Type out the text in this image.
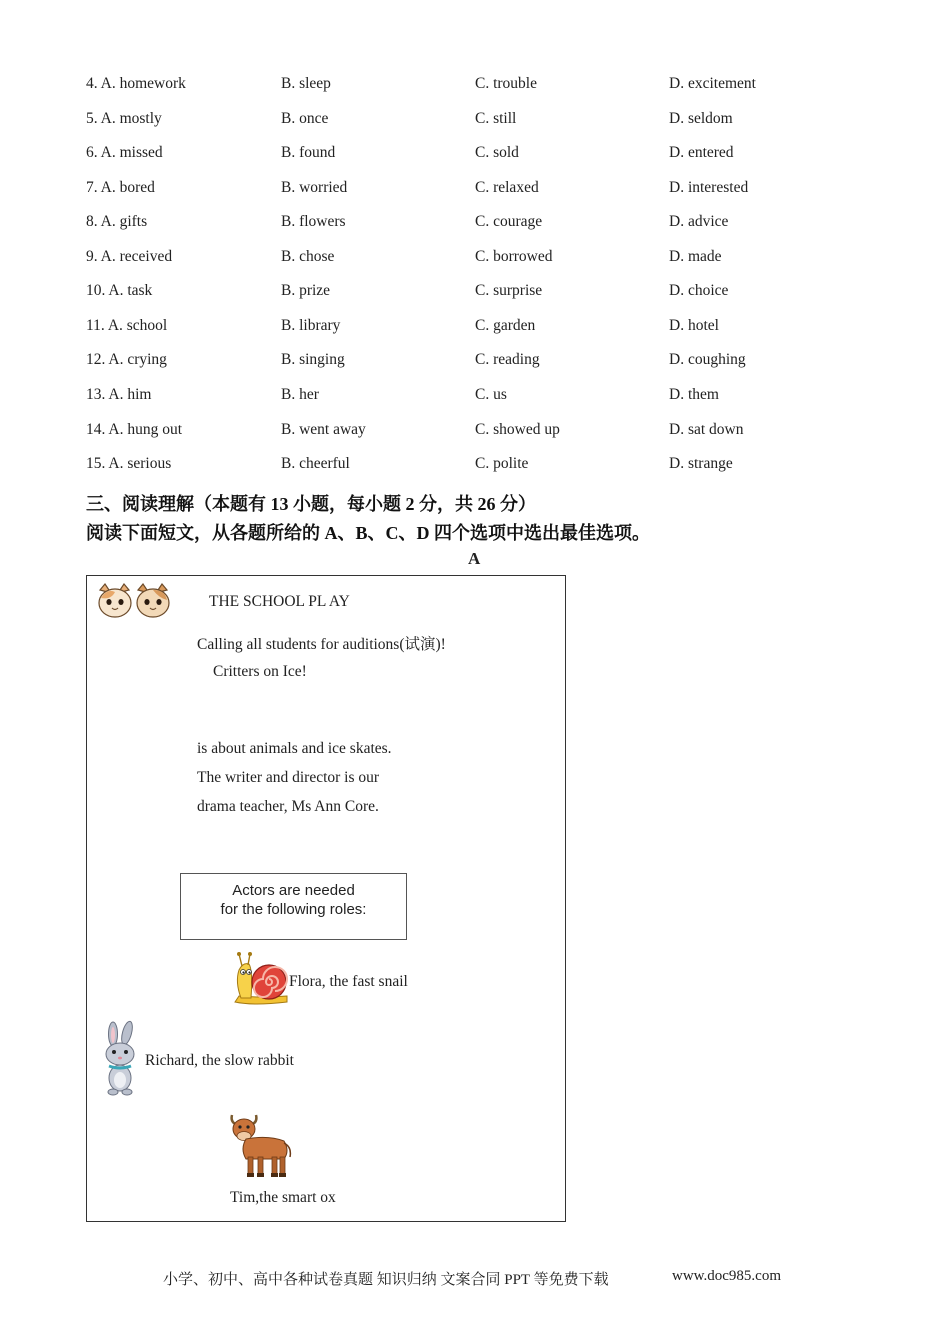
4. A. homework	B. sleep	C. trouble	D. excitement
5. A. mostly	B. once	C. still	D. seldom
6. A. missed	B. found	C. sold	D. entered
7. A. bored	B. worried	C. relaxed	D. interested
8. A. gifts	B. flowers	C. courage	D. advice
9. A. received	B. chose	C. borrowed	D. made
10. A. task	B. prize	C. surprise	D. choice
11. A. school	B. library	C. garden	D. hotel
12. A. crying	B. singing	C. reading	D. coughing
13. A. him	B. her	C. us	D. them
14. A. hung out	B. went away	C. showed up	D. sat down
15. A. serious	B. cheerful	C. polite	D. strange
三、阅读理解（本题有 13 小题，每小题 2 分，共 26 分）
阅读下面短文，从各题所给的 A、B、C、D 四个选项中选出最佳选项。
A
THE SCHOOL PL AY
Calling all students for auditions(试演)!
Critters on Ice!
is about animals and ice skates.
The writer and director is our
drama teacher, Ms Ann Core.
Actors are needed
for the following roles:
Flora, the fast snail
Richard, the slow rabbit
Tim,the smart ox
小学、初中、高中各种试卷真题 知识归纳 文案合同 PPT 等免费下载	www.doc985.com
